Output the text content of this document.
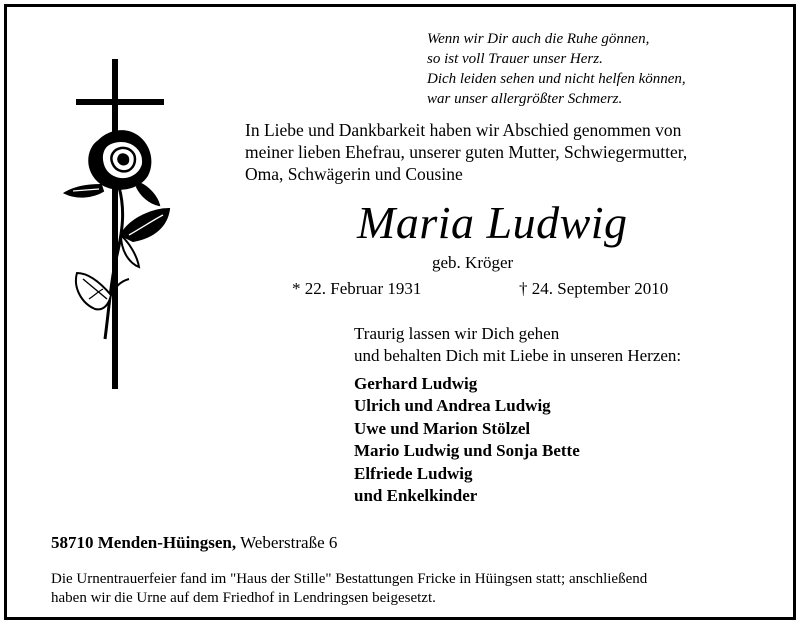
Wenn wir Dir auch die Ruhe gönnen,
so ist voll Trauer unser Herz.
Dich leiden sehen und nicht helfen können,
war unser allergrößter Schmerz.
In Liebe und Dankbarkeit haben wir Abschied genommen von
meiner lieben Ehefrau, unserer guten Mutter, Schwiegermutter,
Oma, Schwägerin und Cousine
Maria Ludwig
geb. Kröger
* 22. Februar 1931	† 24. September 2010
Traurig lassen wir Dich gehen
und behalten Dich mit Liebe in unseren Herzen:
Gerhard Ludwig
Ulrich und Andrea Ludwig
Uwe und Marion Stölzel
Mario Ludwig und Sonja Bette
Elfriede Ludwig
und Enkelkinder
58710 Menden-Hüingsen, Weberstraße 6
Die Urnentrauerfeier fand im "Haus der Stille" Bestattungen Fricke in Hüingsen statt; anschließend
haben wir die Urne auf dem Friedhof in Lendringsen beigesetzt.
